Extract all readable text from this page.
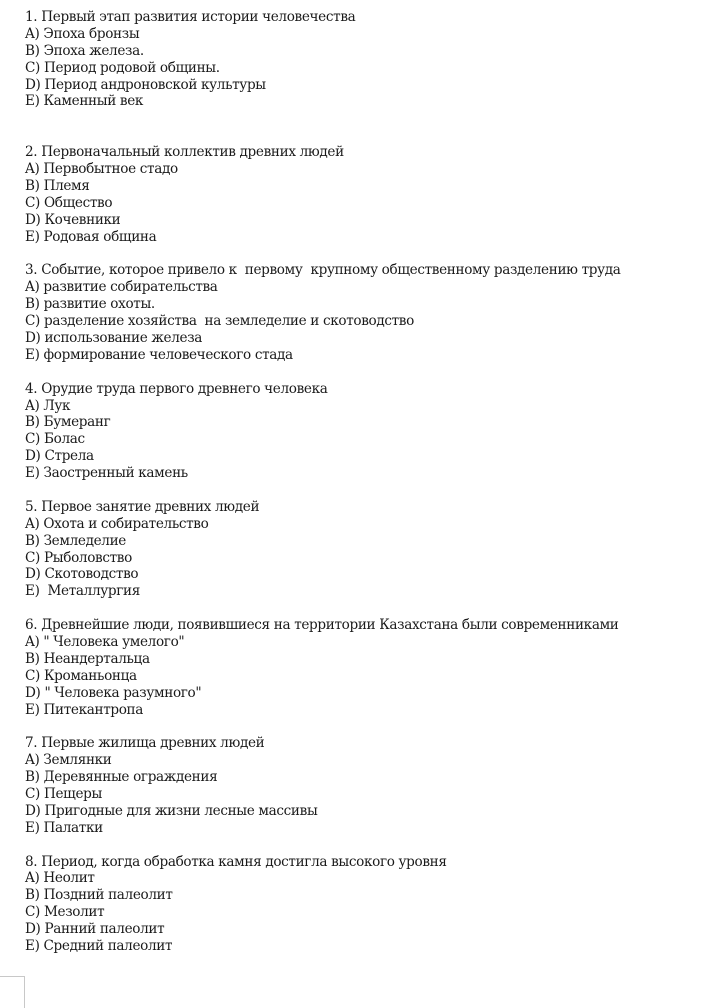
1. Первый этап развития истории человечества
A) Эпоха бронзы
B) Эпоха железа.
C) Период родовой общины.
D) Период андроновской культуры
E) Каменный век
2. Первоначальный коллектив древних людей
A) Первобытное стадо
B) Племя
C) Общество
D) Кочевники
E) Родовая община
3. Событие, которое привело к  первому  крупному общественному разделению труда
A) развитие собирательства
B) развитие охоты.
C) разделение хозяйства  на земледелие и скотоводство
D) использование железа
E) формирование человеческого стада
4. Орудие труда первого древнего человека
A) Лук
B) Бумеранг
C) Болас
D) Стрела
E) Заостренный камень
5. Первое занятие древних людей
A) Охота и собирательство
B) Земледелие
C) Рыболовство
D) Скотоводство
E)  Металлургия
6. Древнейшие люди, появившиеся на территории Казахстана были современниками
A) " Человека умелого"
B) Неандертальца
C) Кроманьонца
D) " Человека разумного"
E) Питекантропа
7. Первые жилища древних людей
A) Землянки
B) Деревянные ограждения
C) Пещеры
D) Пригодные для жизни лесные массивы
E) Палатки
8. Период, когда обработка камня достигла высокого уровня
A) Неолит
B) Поздний палеолит
C) Мезолит
D) Ранний палеолит
E) Средний палеолит
